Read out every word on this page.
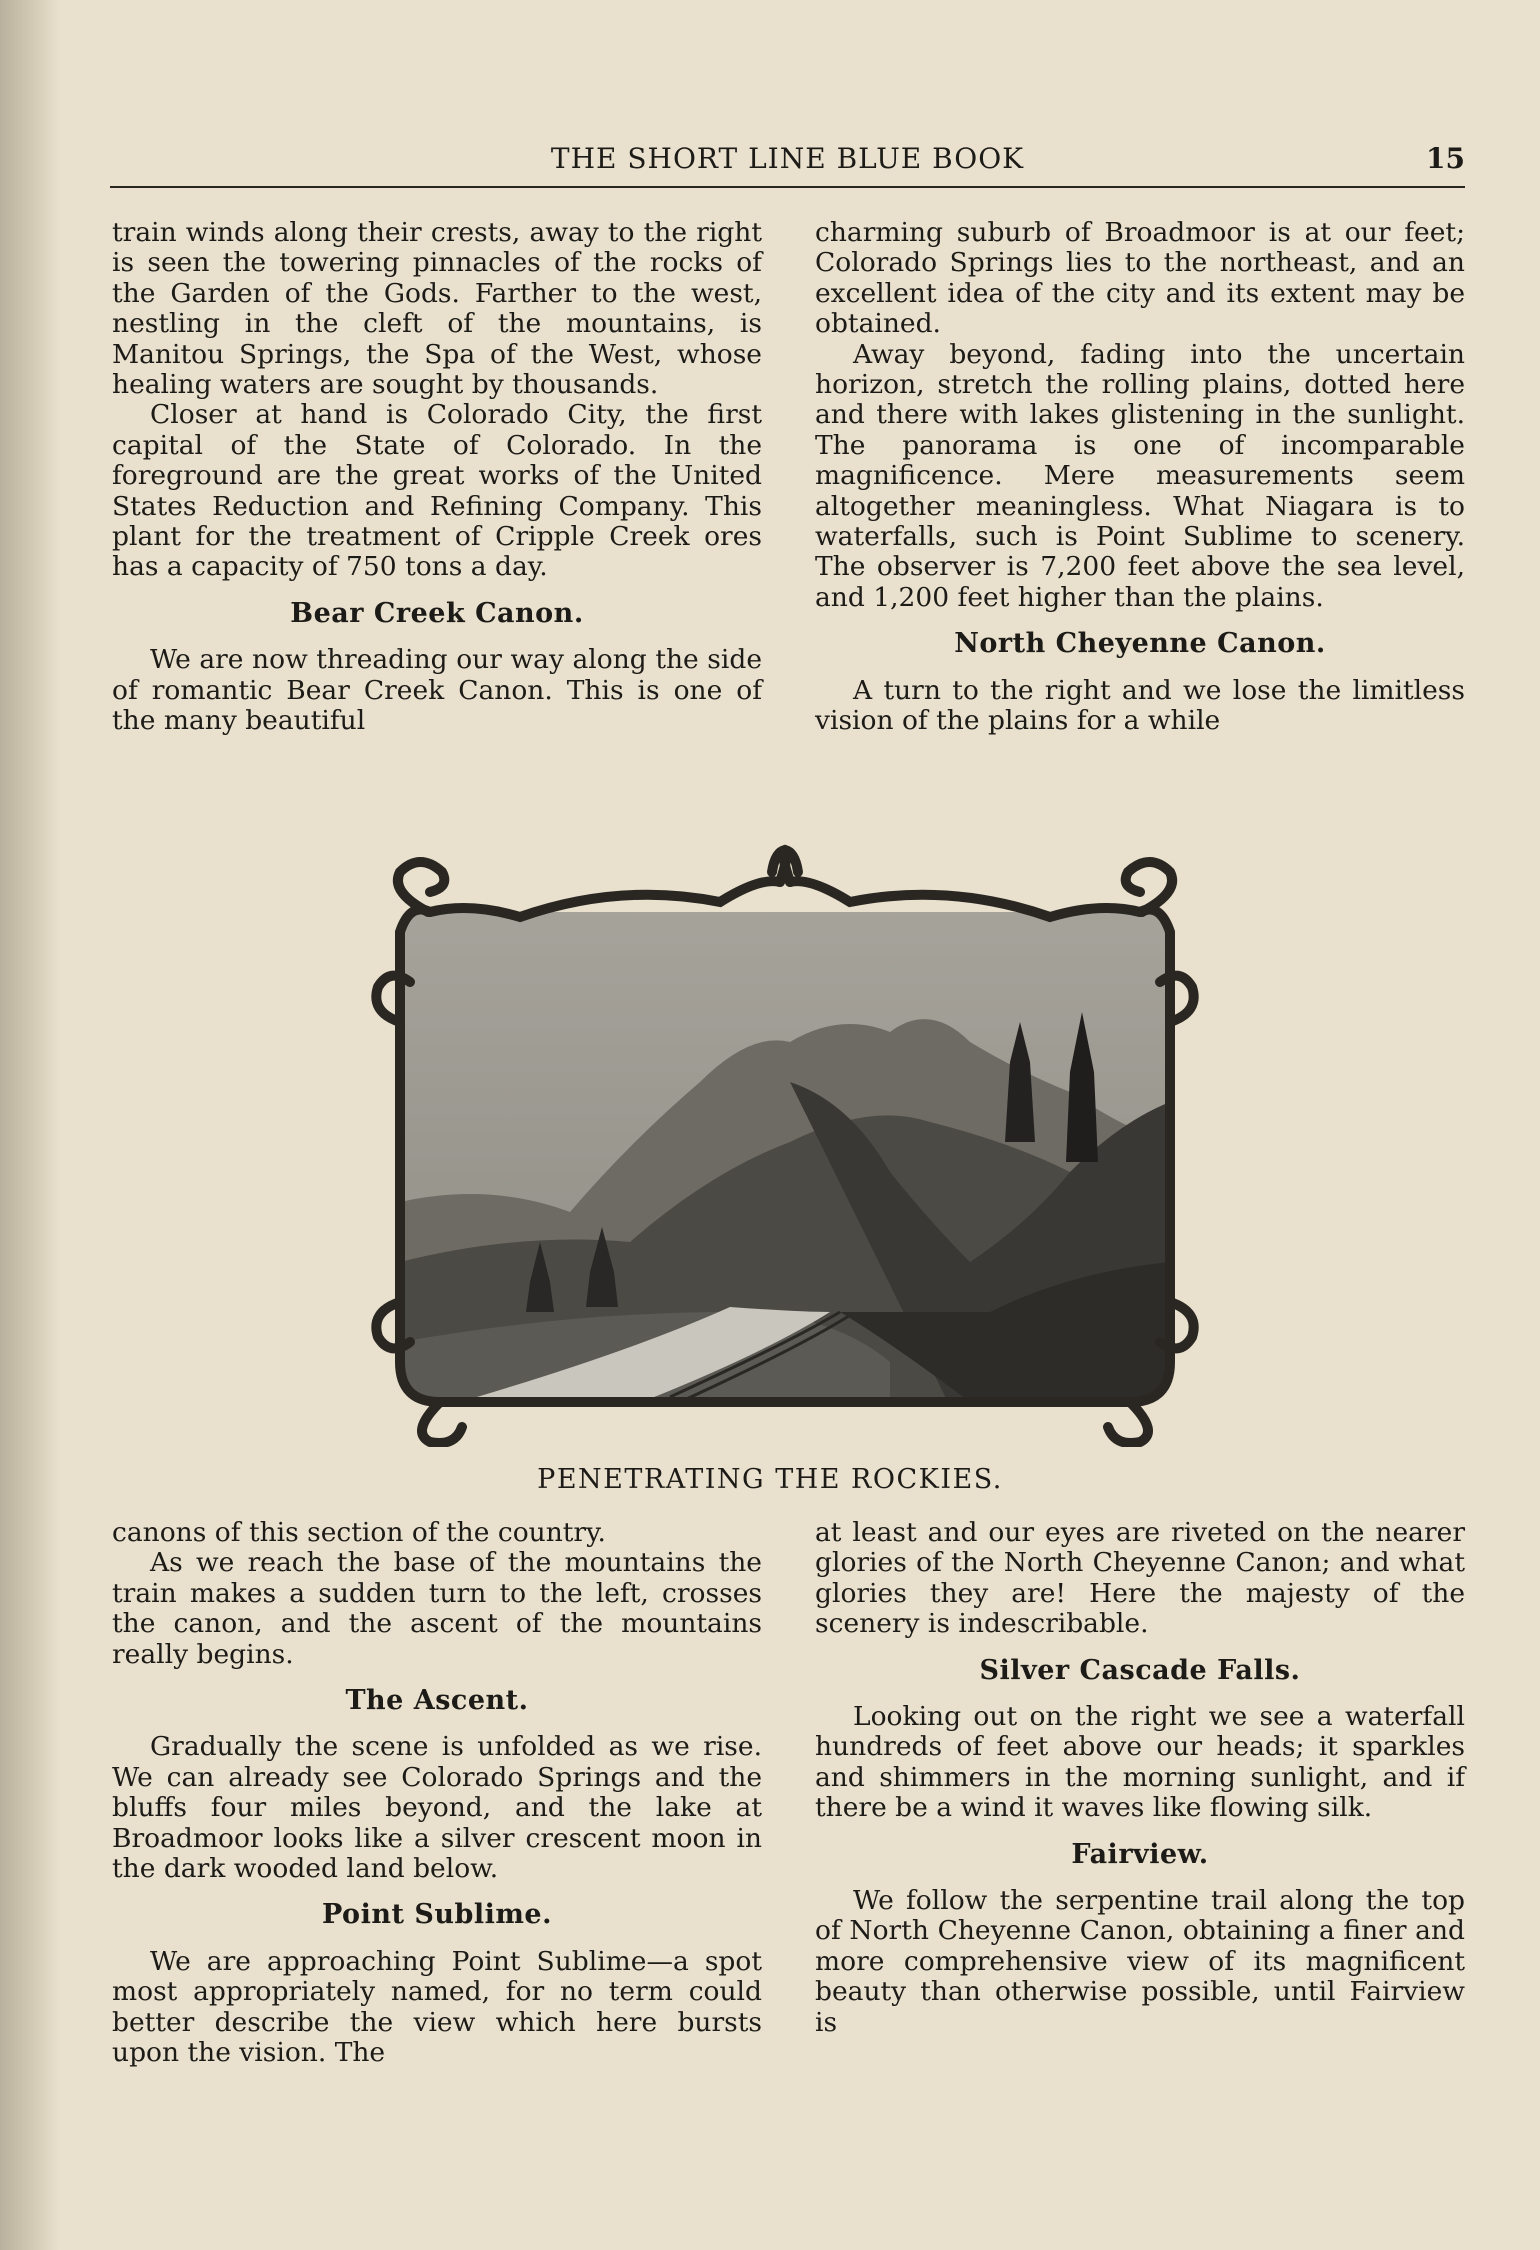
THE SHORT LINE BLUE BOOK	15

train winds along their crests, away to the right is seen the towering pinnacles of the rocks of the Garden of the Gods. Farther to the west, nestling in the cleft of the mountains, is Manitou Springs, the Spa of the West, whose healing waters are sought by thousands.

Closer at hand is Colorado City, the first capital of the State of Colorado. In the foreground are the great works of the United States Reduction and Refining Company. This plant for the treatment of Cripple Creek ores has a capacity of 750 tons a day.

Bear Creek Canon.

We are now threading our way along the side of romantic Bear Creek Canon. This is one of the many beautiful

charming suburb of Broadmoor is at our feet; Colorado Springs lies to the northeast, and an excellent idea of the city and its extent may be obtained.

Away beyond, fading into the uncertain horizon, stretch the rolling plains, dotted here and there with lakes glistening in the sunlight. The panorama is one of incomparable magnificence. Mere measurements seem altogether meaningless. What Niagara is to waterfalls, such is Point Sublime to scenery. The observer is 7,200 feet above the sea level, and 1,200 feet higher than the plains.

North Cheyenne Canon.

A turn to the right and we lose the limitless vision of the plains for a while

PENETRATING THE ROCKIES.

canons of this section of the country.

As we reach the base of the mountains the train makes a sudden turn to the left, crosses the canon, and the ascent of the mountains really begins.

The Ascent.

Gradually the scene is unfolded as we rise. We can already see Colorado Springs and the bluffs four miles beyond, and the lake at Broadmoor looks like a silver crescent moon in the dark wooded land below.

Point Sublime.

We are approaching Point Sublime—a spot most appropriately named, for no term could better describe the view which here bursts upon the vision. The

at least and our eyes are riveted on the nearer glories of the North Cheyenne Canon; and what glories they are! Here the majesty of the scenery is indescribable.

Silver Cascade Falls.

Looking out on the right we see a waterfall hundreds of feet above our heads; it sparkles and shimmers in the morning sunlight, and if there be a wind it waves like flowing silk.

Fairview.

We follow the serpentine trail along the top of North Cheyenne Canon, obtaining a finer and more comprehensive view of its magnificent beauty than otherwise possible, until Fairview is
